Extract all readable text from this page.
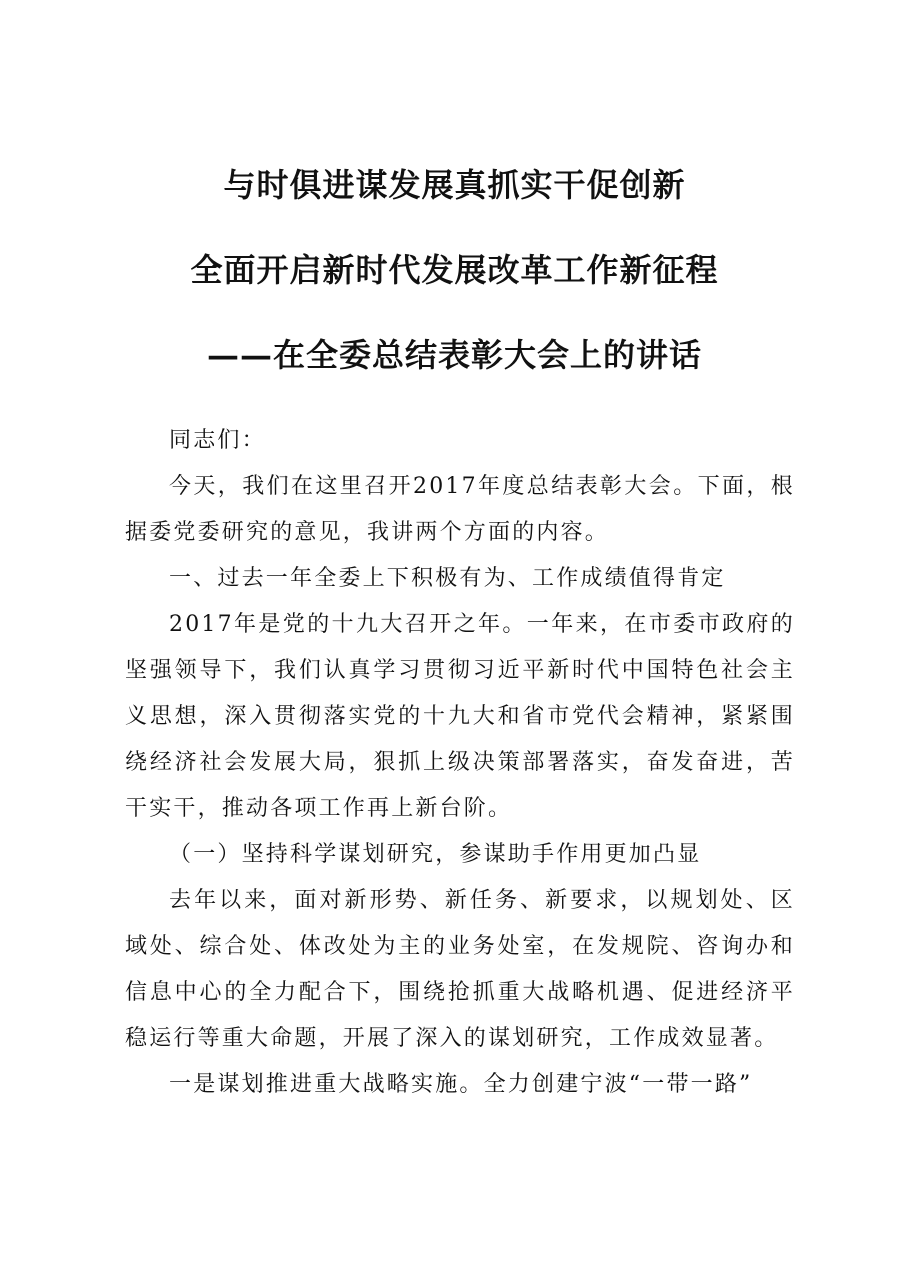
与时俱进谋发展真抓实干促创新
全面开启新时代发展改革工作新征程
——在全委总结表彰大会上的讲话

同志们：

今天，我们在这里召开2017年度总结表彰大会。下面，根据委党委研究的意见，我讲两个方面的内容。

一、过去一年全委上下积极有为、工作成绩值得肯定

2017年是党的十九大召开之年。一年来，在市委市政府的坚强领导下，我们认真学习贯彻习近平新时代中国特色社会主义思想，深入贯彻落实党的十九大和省市党代会精神，紧紧围绕经济社会发展大局，狠抓上级决策部署落实，奋发奋进，苦干实干，推动各项工作再上新台阶。

（一）坚持科学谋划研究，参谋助手作用更加凸显

去年以来，面对新形势、新任务、新要求，以规划处、区域处、综合处、体改处为主的业务处室，在发规院、咨询办和信息中心的全力配合下，围绕抢抓重大战略机遇、促进经济平稳运行等重大命题，开展了深入的谋划研究，工作成效显著。

一是谋划推进重大战略实施。全力创建宁波“一带一路”
